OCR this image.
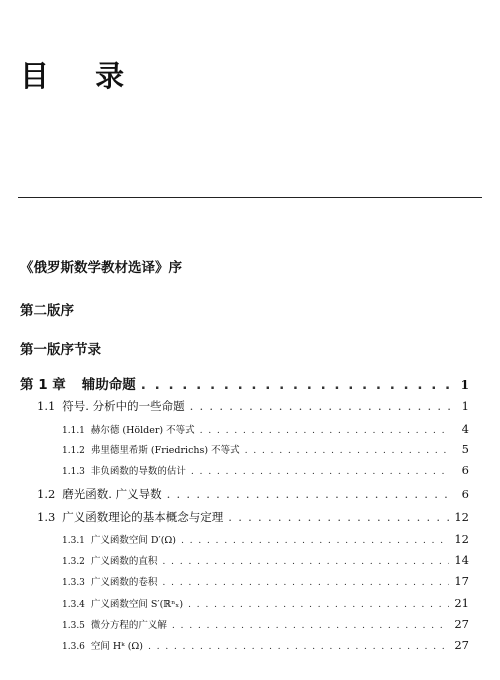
目 录

《俄罗斯数学教材选译》序

第二版序

第一版序节录

第 1 章 辅助命题 . . .	1
1.1 符号. 分析中的一些命题 . . .	1
1.1.1 赫尔德 (Hölder) 不等式 . . .	4
1.1.2 弗里德里希斯 (Friedrichs) 不等式 . . .	5
1.1.3 非负函数的导数的估计 . . .	6
1.2 磨光函数. 广义导数 . . .	6
1.3 广义函数理论的基本概念与定理 . . .	12
1.3.1 广义函数空间 D′(Ω) . . .	12
1.3.2 广义函数的直积 . . .	14
1.3.3 广义函数的卷积 . . .	17
1.3.4 广义函数空间 S′(ℝⁿₓ) . . .	21
1.3.5 微分方程的广义解 . . .	27
1.3.6 空间 Hᵏ (Ω) . . .	27
